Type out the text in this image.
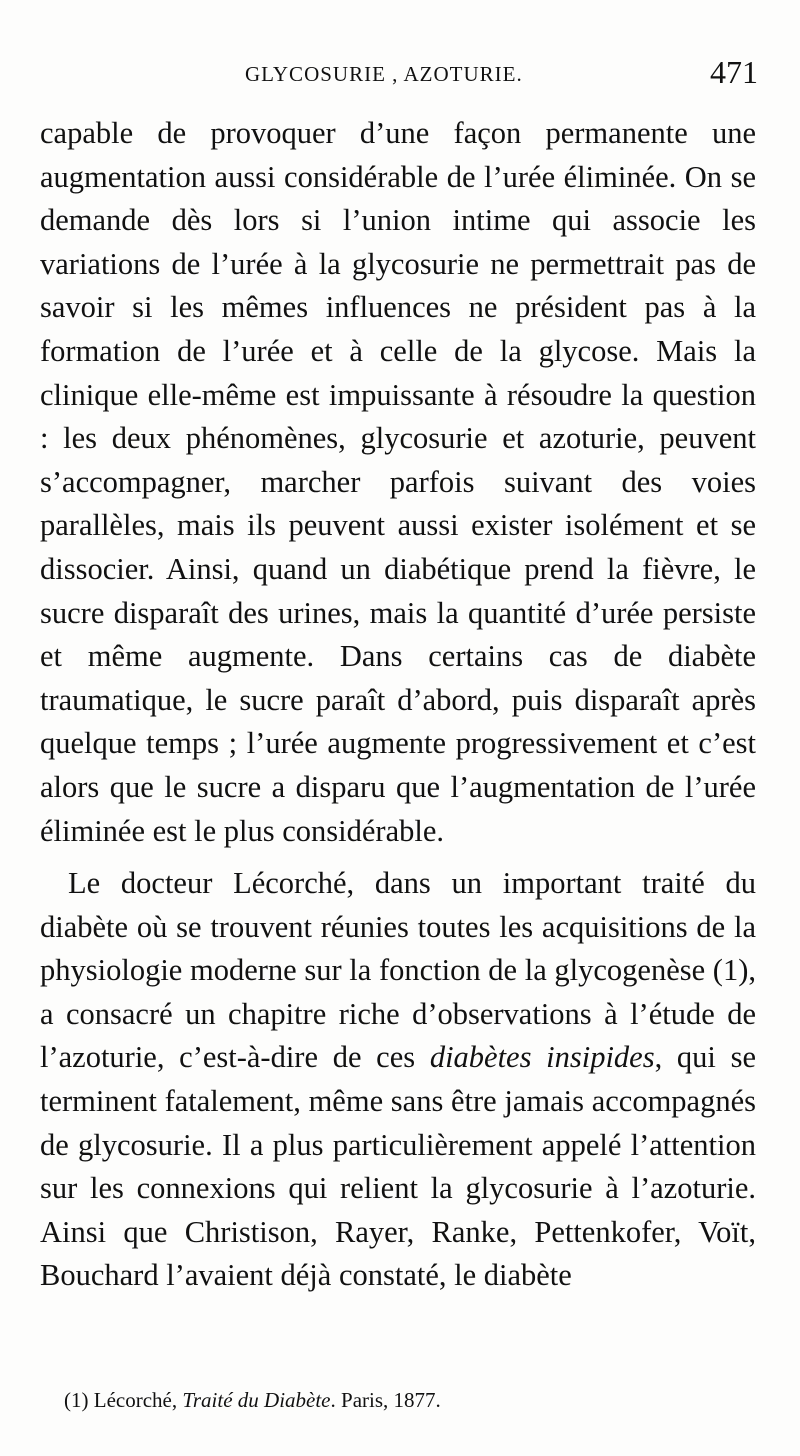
GLYCOSURIE , AZOTURIE.	471

capable de provoquer d’une façon permanente une augmentation aussi considérable de l’urée éliminée. On se demande dès lors si l’union intime qui associe les variations de l’urée à la glycosurie ne permettrait pas de savoir si les mêmes influences ne président pas à la formation de l’urée et à celle de la glycose. Mais la clinique elle-même est impuissante à résoudre la question : les deux phénomènes, glycosurie et azoturie, peuvent s’accompagner, marcher parfois suivant des voies parallèles, mais ils peuvent aussi exister isolément et se dissocier. Ainsi, quand un diabétique prend la fièvre, le sucre disparaît des urines, mais la quantité d’urée persiste et même augmente. Dans certains cas de diabète traumatique, le sucre paraît d’abord, puis disparaît après quelque temps ; l’urée augmente progressivement et c’est alors que le sucre a disparu que l’augmentation de l’urée éliminée est le plus considérable.

Le docteur Lécorché, dans un important traité du diabète où se trouvent réunies toutes les acquisitions de la physiologie moderne sur la fonction de la glycogenèse (1), a consacré un chapitre riche d’observations à l’étude de l’azoturie, c’est-à-dire de ces diabètes insipides, qui se terminent fatalement, même sans être jamais accompagnés de glycosurie. Il a plus particulièrement appelé l’attention sur les connexions qui relient la glycosurie à l’azoturie. Ainsi que Christison, Rayer, Ranke, Pettenkofer, Voït, Bouchard l’avaient déjà constaté, le diabète

(1) Lécorché, Traité du Diabète. Paris, 1877.
